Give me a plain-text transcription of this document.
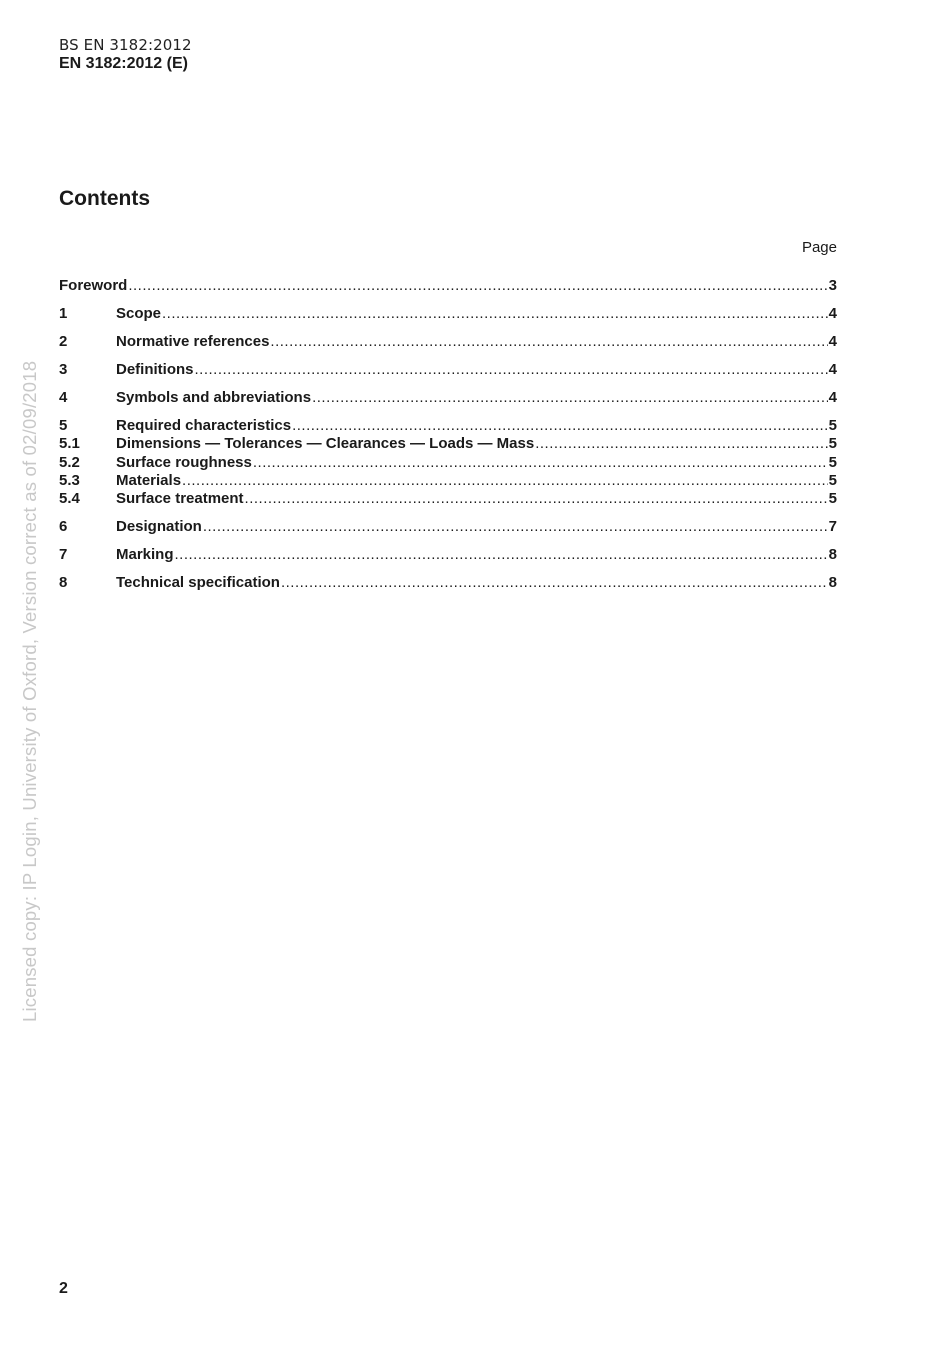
BS EN 3182:2012
EN 3182:2012 (E)
Contents
Page
Foreword .....	3
1	Scope .....	4
2	Normative references .....	4
3	Definitions .....	4
4	Symbols and abbreviations .....	4
5	Required characteristics .....	5
5.1	Dimensions — Tolerances — Clearances — Loads — Mass .....	5
5.2	Surface roughness .....	5
5.3	Materials .....	5
5.4	Surface treatment .....	5
6	Designation .....	7
7	Marking .....	8
8	Technical specification .....	8
Licensed copy: IP Login, University of Oxford, Version correct as of 02/09/2018
2
